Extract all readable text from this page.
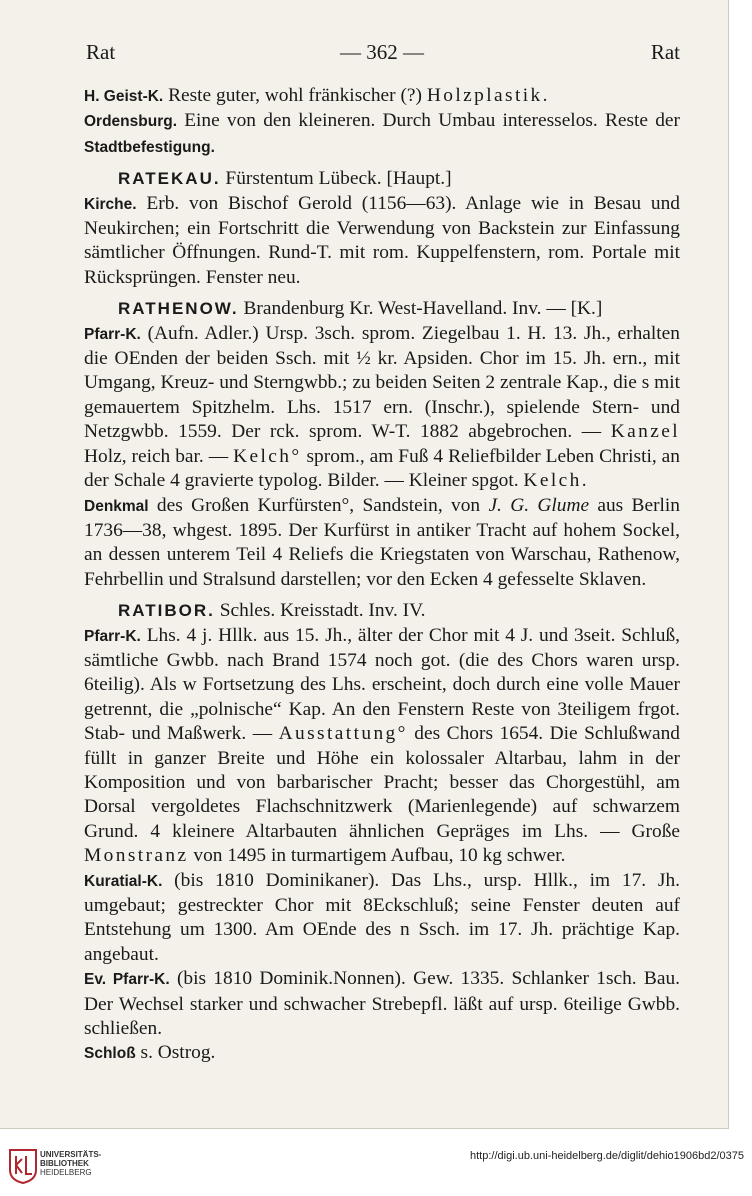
Rat	— 362 —	Rat

H. Geist-K. Reste guter, wohl fränkischer (?) Holzplastik.

Ordensburg. Eine von den kleineren. Durch Umbau interesselos. Reste der Stadtbefestigung.

RATEKAU. Fürstentum Lübeck. [Haupt.]

Kirche. Erb. von Bischof Gerold (1156—63). Anlage wie in Besau und Neukirchen; ein Fortschritt die Verwendung von Backstein zur Einfassung sämtlicher Öffnungen. Rund-T. mit rom. Kuppelfenstern, rom. Portale mit Rücksprüngen. Fenster neu.

RATHENOW. Brandenburg Kr. West-Havelland. Inv. — [K.]

Pfarr-K. (Aufn. Adler.) Ursp. 3sch. sprom. Ziegelbau 1. H. 13. Jh., erhalten die OEnden der beiden Ssch. mit ½ kr. Apsiden. Chor im 15. Jh. ern., mit Umgang, Kreuz- und Sterngwbb.; zu beiden Seiten 2 zentrale Kap., die s mit gemauertem Spitzhelm. Lhs. 1517 ern. (Inschr.), spielende Stern- und Netzgwbb. 1559. Der rck. sprom. W-T. 1882 abgebrochen. — Kanzel Holz, reich bar. — Kelch° sprom., am Fuß 4 Reliefbilder Leben Christi, an der Schale 4 gravierte typolog. Bilder. — Kleiner spgot. Kelch.

Denkmal des Großen Kurfürsten°, Sandstein, von J. G. Glume aus Berlin 1736—38, whgest. 1895. Der Kurfürst in antiker Tracht auf hohem Sockel, an dessen unterem Teil 4 Reliefs die Kriegstaten von Warschau, Rathenow, Fehrbellin und Stralsund darstellen; vor den Ecken 4 gefesselte Sklaven.

RATIBOR. Schles. Kreisstadt. Inv. IV.

Pfarr-K. Lhs. 4 j. Hllk. aus 15. Jh., älter der Chor mit 4 J. und 3seit. Schluß, sämtliche Gwbb. nach Brand 1574 noch got. (die des Chors waren ursp. 6teilig). Als w Fortsetzung des Lhs. erscheint, doch durch eine volle Mauer getrennt, die „polnische“ Kap. An den Fenstern Reste von 3teiligem frgot. Stab- und Maßwerk. — Ausstattung° des Chors 1654. Die Schlußwand füllt in ganzer Breite und Höhe ein kolossaler Altarbau, lahm in der Komposition und von barbarischer Pracht; besser das Chorgestühl, am Dorsal vergoldetes Flachschnitzwerk (Marienlegende) auf schwarzem Grund. 4 kleinere Altarbauten ähnlichen Gepräges im Lhs. — Große Monstranz von 1495 in turmartigem Aufbau, 10 kg schwer.

Kuratial-K. (bis 1810 Dominikaner). Das Lhs., ursp. Hllk., im 17. Jh. umgebaut; gestreckter Chor mit 8Eckschluß; seine Fenster deuten auf Entstehung um 1300. Am OEnde des n Ssch. im 17. Jh. prächtige Kap. angebaut.

Ev. Pfarr-K. (bis 1810 Dominik.Nonnen). Gew. 1335. Schlanker 1sch. Bau. Der Wechsel starker und schwacher Strebepfl. läßt auf ursp. 6teilige Gwbb. schließen.

Schloß s. Ostrog.

UNIVERSITÄTS-
BIBLIOTHEK
HEIDELBERG
http://digi.ub.uni-heidelberg.de/diglit/dehio1906bd2/0375
